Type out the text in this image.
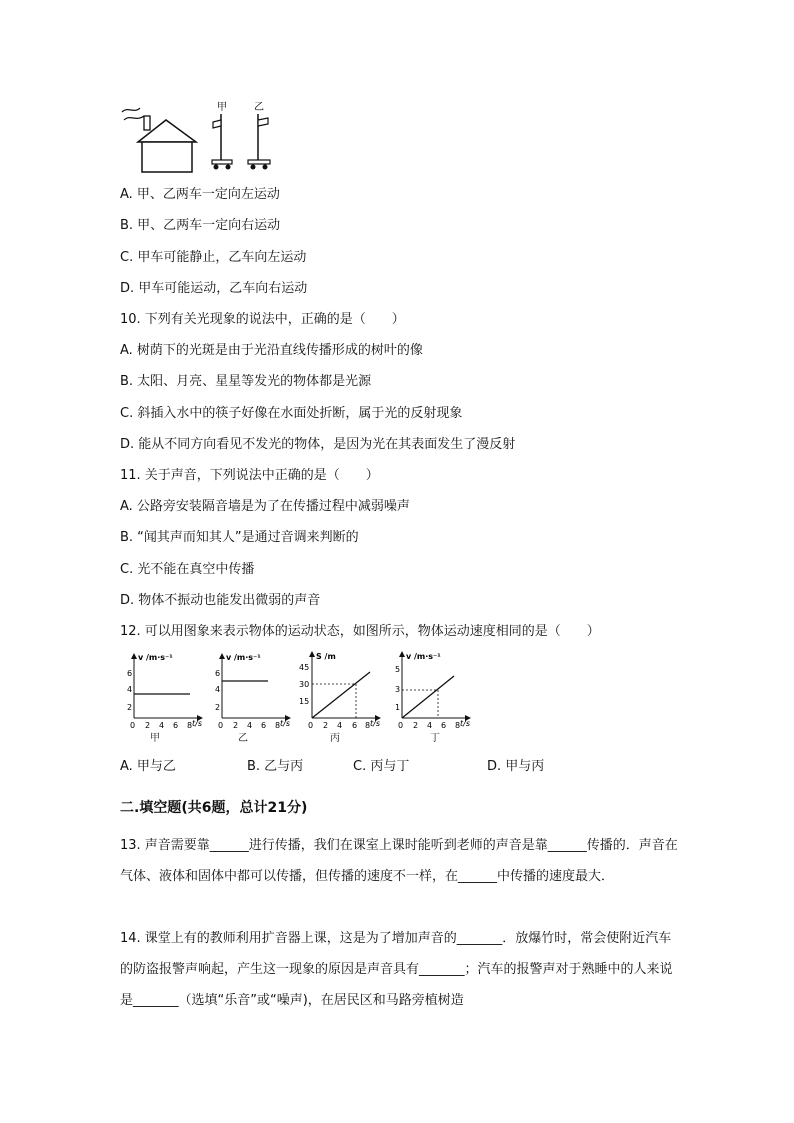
甲	乙
A. 甲、乙两车一定向左运动
B. 甲、乙两车一定向右运动
C. 甲车可能静止，乙车向左运动
D. 甲车可能运动，乙车向右运动
10. 下列有关光现象的说法中，正确的是（　　）
A. 树荫下的光斑是由于光沿直线传播形成的树叶的像
B. 太阳、月亮、星星等发光的物体都是光源
C. 斜插入水中的筷子好像在水面处折断，属于光的反射现象
D. 能从不同方向看见不发光的物体，是因为光在其表面发生了漫反射
11. 关于声音，下列说法中正确的是（　　）
A. 公路旁安装隔音墙是为了在传播过程中减弱噪声
B. “闻其声而知其人”是通过音调来判断的
C. 光不能在真空中传播
D. 物体不振动也能发出微弱的声音
12. 可以用图象来表示物体的运动状态，如图所示，物体运动速度相同的是（　　）
v /m·s⁻¹
2
4
6
0 2 4 6 8 t/s
v /m·s⁻¹
2
4
6
0 2 4 6 8 t/s
S /m
15
30
45
0 2 4 6 8 t/s
v /m·s⁻¹
1
3
5
0 2 4 6 8 t/s
甲	乙	丙	丁
A. 甲与乙	B. 乙与丙	C. 丙与丁	D. 甲与丙
二.填空题(共6题，总计21分)
13. 声音需要靠______进行传播，我们在课室上课时能听到老师的声音是靠______传播的．声音在气体、液体和固体中都可以传播，但传播的速度不一样，在______中传播的速度最大．
14. 课堂上有的教师利用扩音器上课，这是为了增加声音的_______．放爆竹时，常会使附近汽车的防盗报警声响起，产生这一现象的原因是声音具有_______；汽车的报警声对于熟睡中的人来说是_______（选填“乐音”或“噪声)，在居民区和马路旁植树造
